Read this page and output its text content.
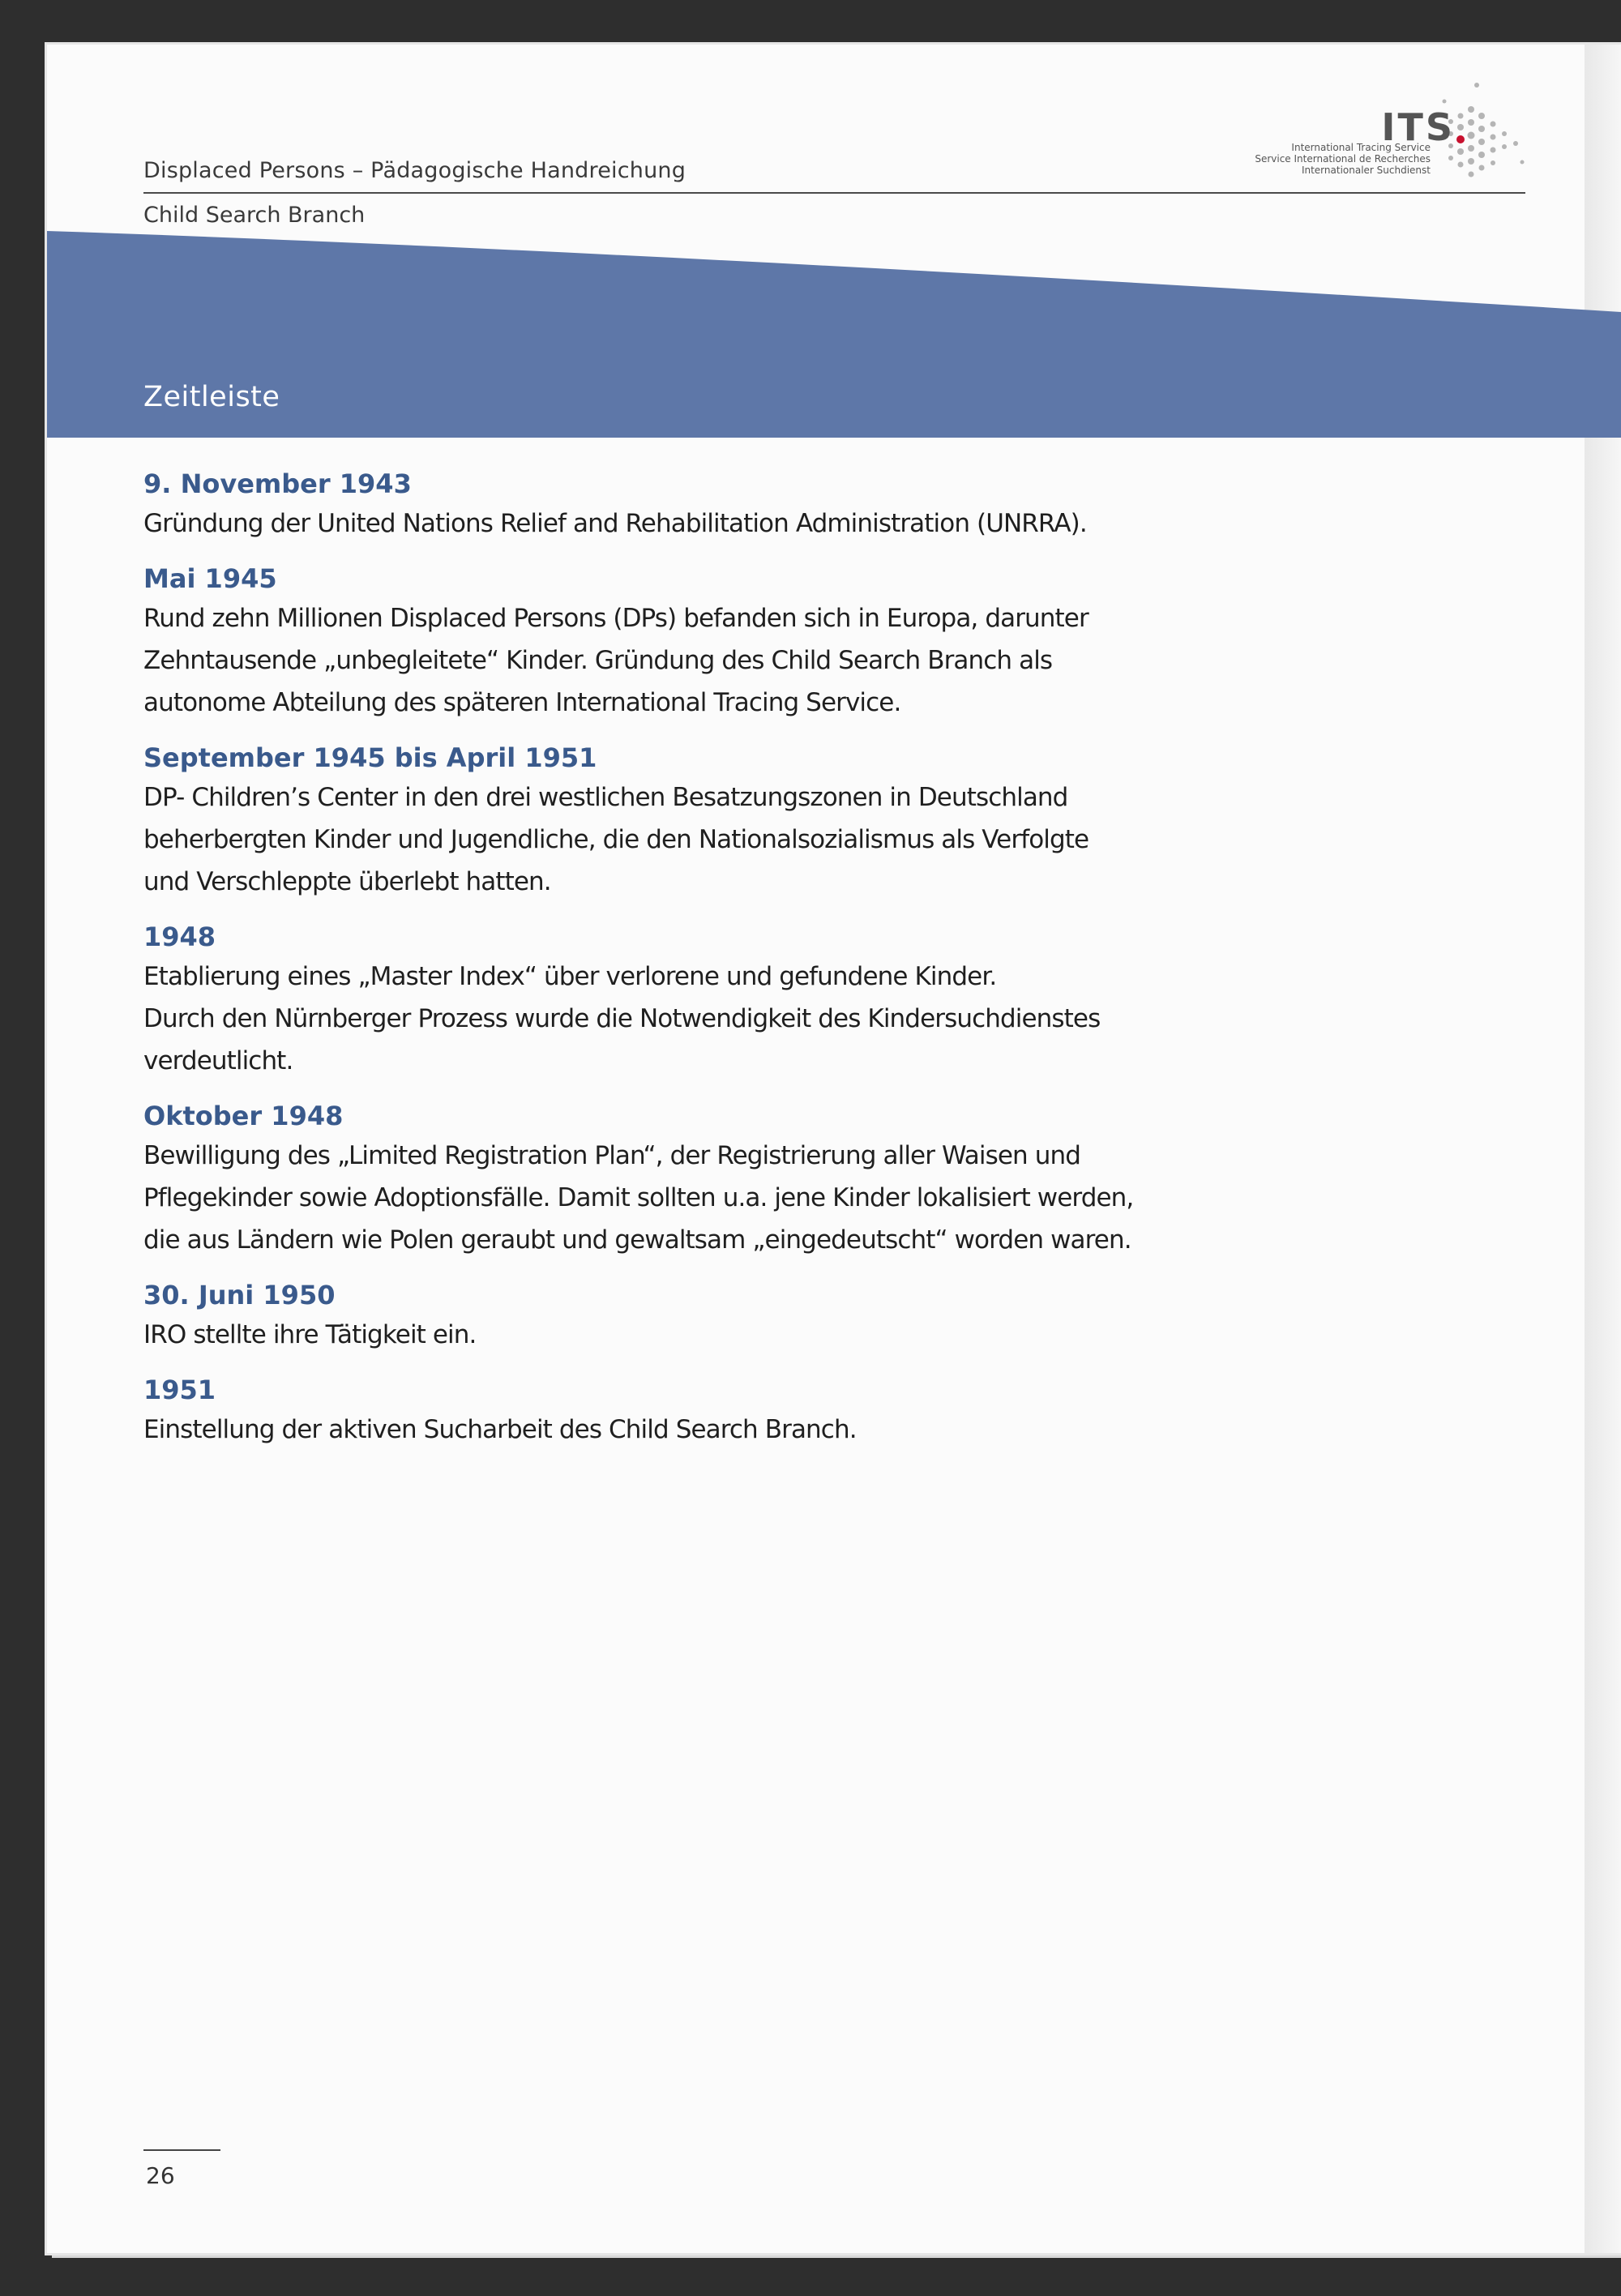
Displaced Persons – Pädagogische Handreichung
Child Search Branch
ITS
International Tracing Service
Service International de Recherches
Internationaler Suchdienst
Zeitleiste
9. November 1943
Gründung der United Nations Relief and Rehabilitation Administration (UNRRA).
Mai 1945
Rund zehn Millionen Displaced Persons (DPs) befanden sich in Europa, darunter
Zehntausende „unbegleitete“ Kinder. Gründung des Child Search Branch als
autonome Abteilung des späteren International Tracing Service.
September 1945 bis April 1951
DP- Children’s Center in den drei westlichen Besatzungszonen in Deutschland
beherbergten Kinder und Jugendliche, die den Nationalsozialismus als Verfolgte
und Verschleppte überlebt hatten.
1948
Etablierung eines „Master Index“ über verlorene und gefundene Kinder.
Durch den Nürnberger Prozess wurde die Notwendigkeit des Kindersuchdienstes
verdeutlicht.
Oktober 1948
Bewilligung des „Limited Registration Plan“, der Registrierung aller Waisen und
Pflegekinder sowie Adoptionsfälle. Damit sollten u.a. jene Kinder lokalisiert werden,
die aus Ländern wie Polen geraubt und gewaltsam „eingedeutscht“ worden waren.
30. Juni 1950
IRO stellte ihre Tätigkeit ein.
1951
Einstellung der aktiven Sucharbeit des Child Search Branch.
26
